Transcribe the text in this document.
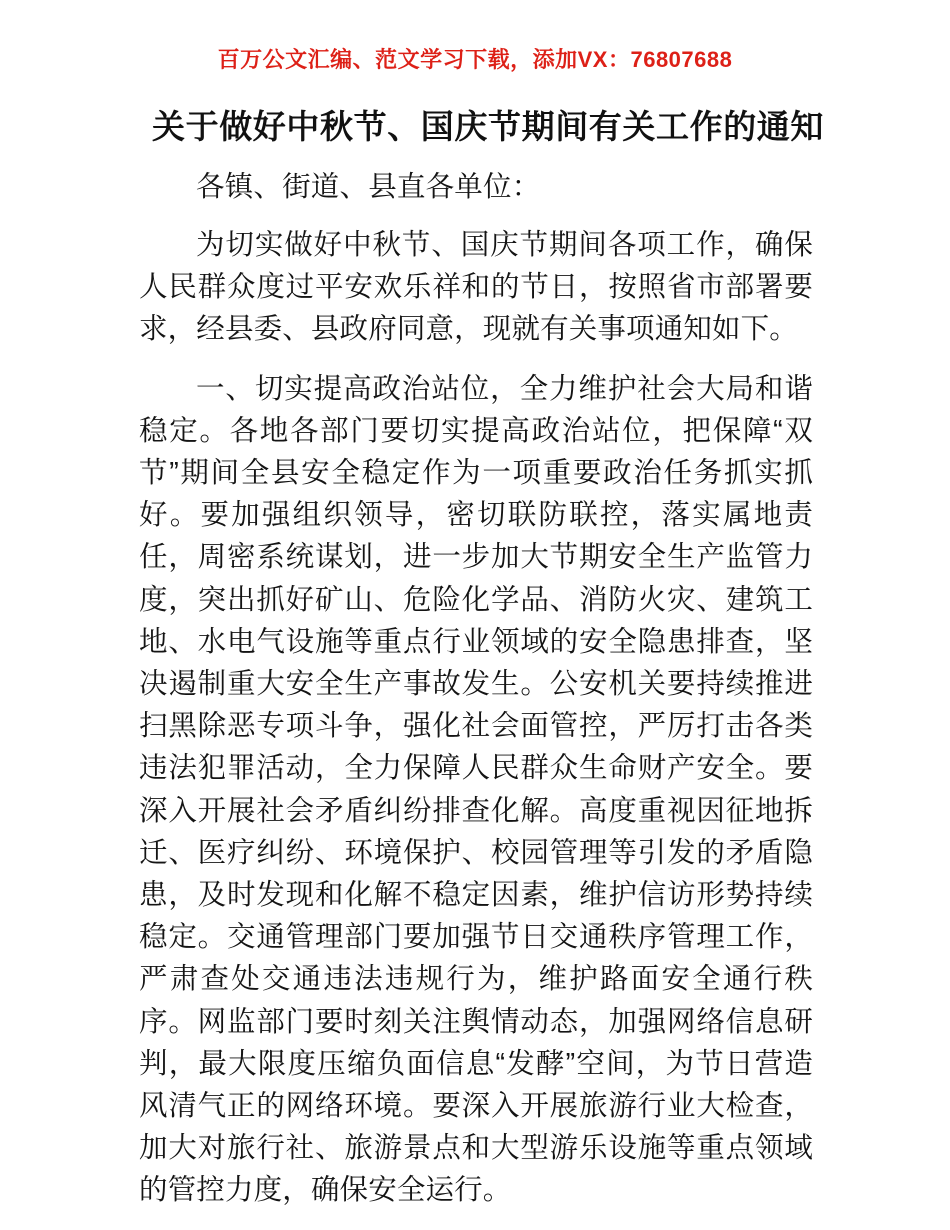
百万公文汇编、范文学习下载，添加VX：76807688
关于做好中秋节、国庆节期间有关工作的通知

各镇、街道、县直各单位：

为切实做好中秋节、国庆节期间各项工作，确保人民群众度过平安欢乐祥和的节日，按照省市部署要求，经县委、县政府同意，现就有关事项通知如下。

一、切实提高政治站位，全力维护社会大局和谐稳定。各地各部门要切实提高政治站位，把保障“双节”期间全县安全稳定作为一项重要政治任务抓实抓好。要加强组织领导，密切联防联控，落实属地责任，周密系统谋划，进一步加大节期安全生产监管力度，突出抓好矿山、危险化学品、消防火灾、建筑工地、水电气设施等重点行业领域的安全隐患排查，坚决遏制重大安全生产事故发生。公安机关要持续推进扫黑除恶专项斗争，强化社会面管控，严厉打击各类违法犯罪活动，全力保障人民群众生命财产安全。要深入开展社会矛盾纠纷排查化解。高度重视因征地拆迁、医疗纠纷、环境保护、校园管理等引发的矛盾隐患，及时发现和化解不稳定因素，维护信访形势持续稳定。交通管理部门要加强节日交通秩序管理工作，严肃查处交通违法违规行为，维护路面安全通行秩序。网监部门要时刻关注舆情动态，加强网络信息研判，最大限度压缩负面信息“发酵”空间，为节日营造风清气正的网络环境。要深入开展旅游行业大检查，加大对旅行社、旅游景点和大型游乐设施等重点领域的管控力度，确保安全运行。
